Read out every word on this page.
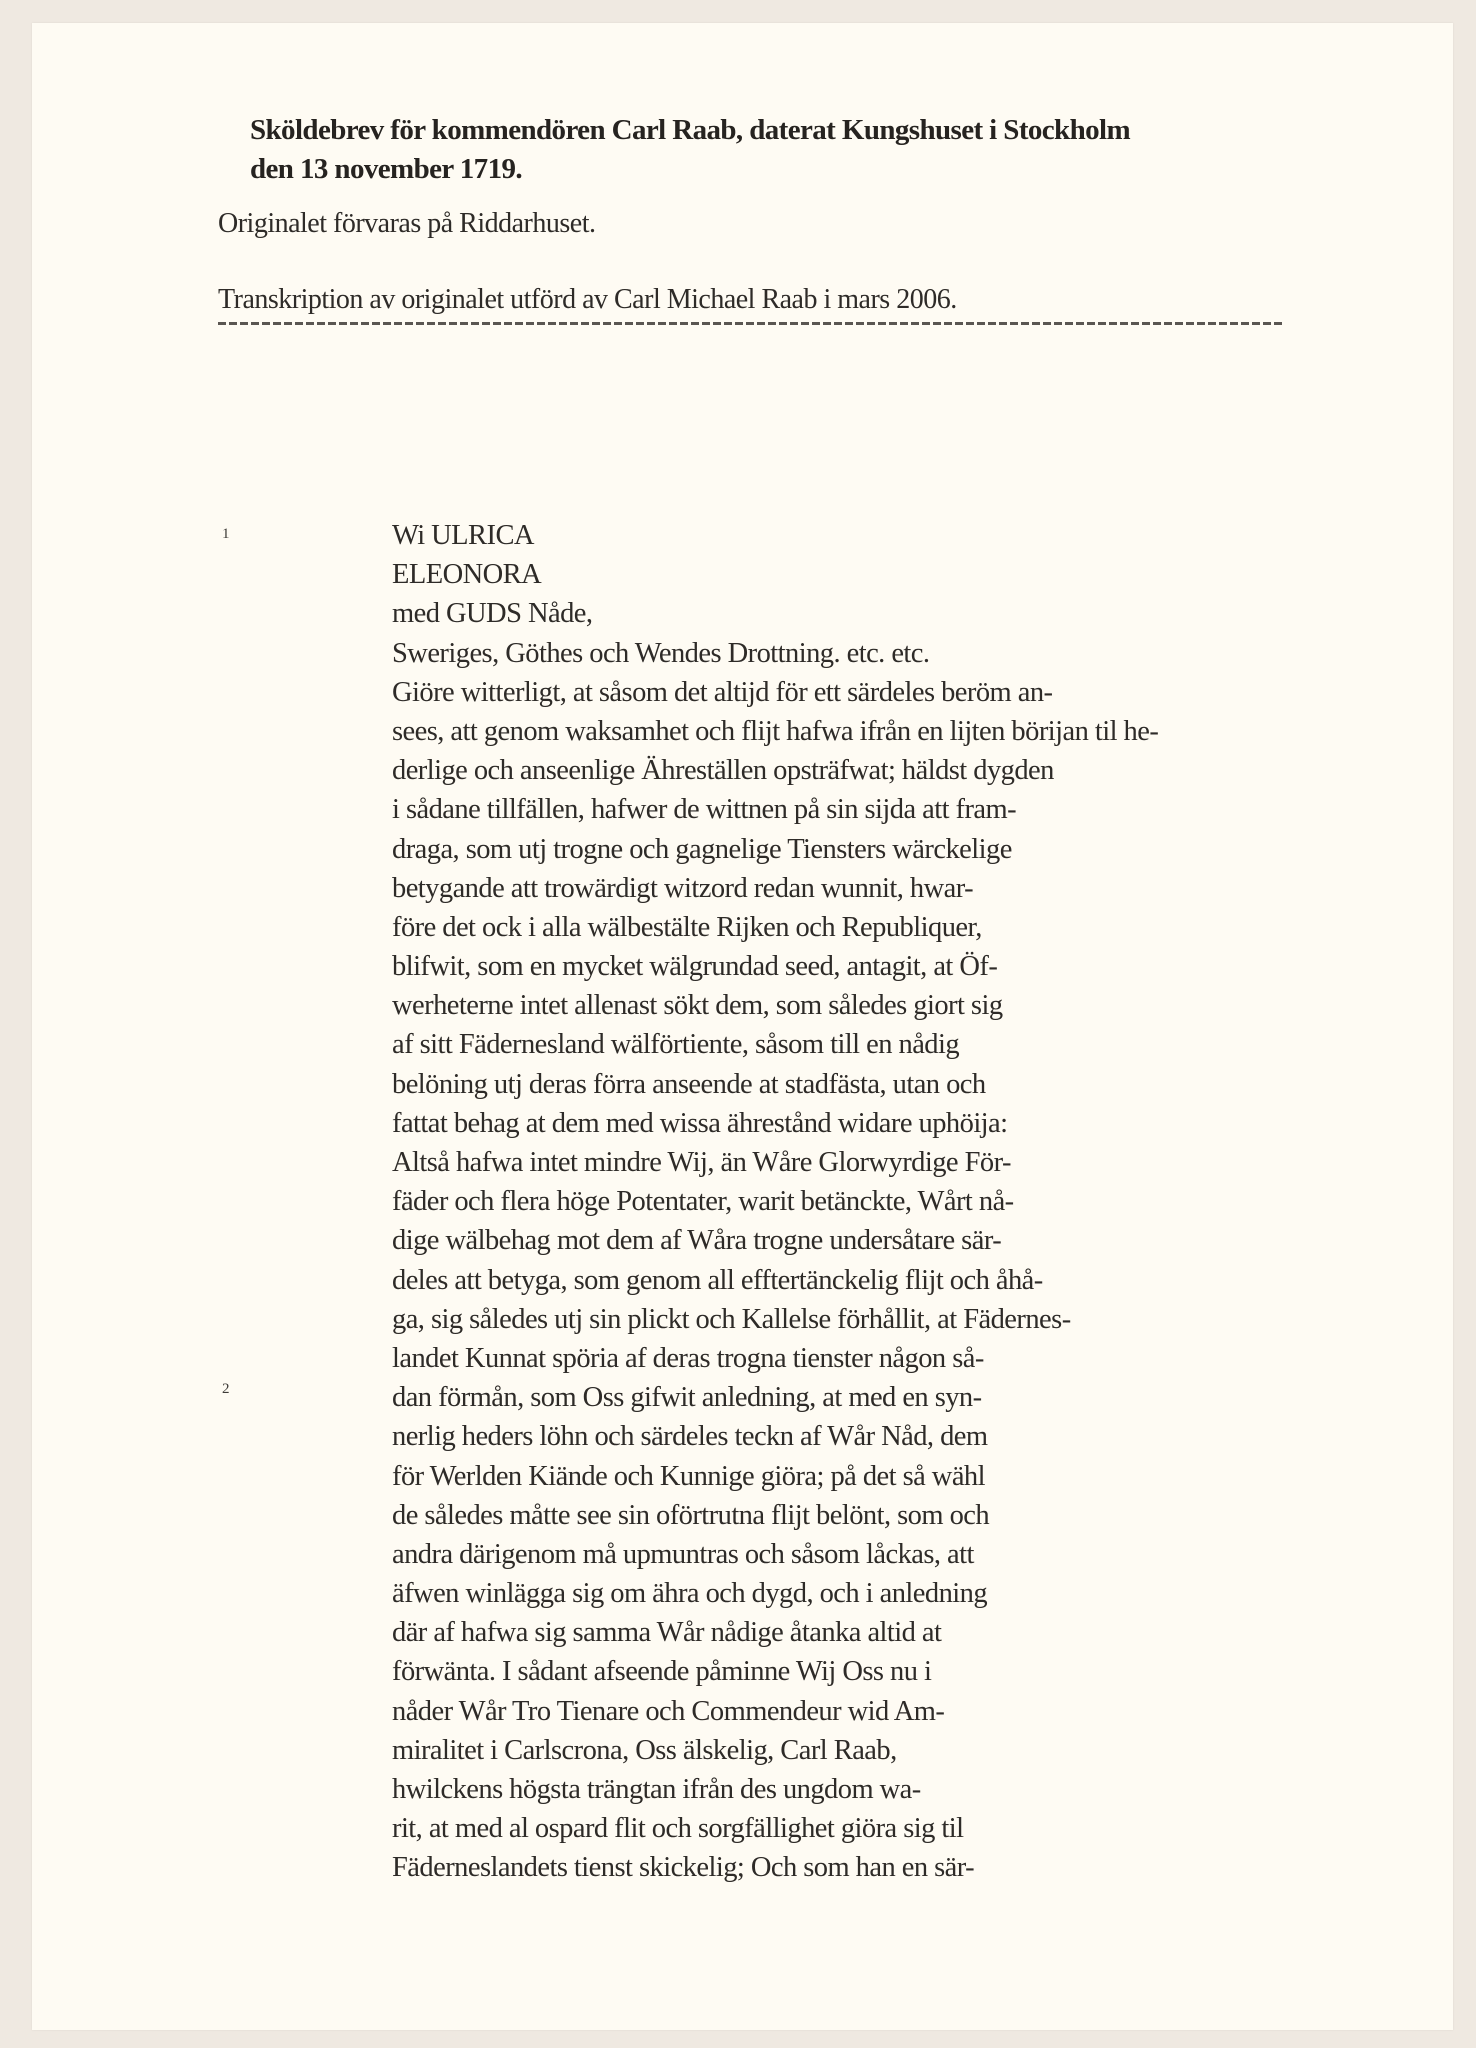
Sköldebrev för kommendören Carl Raab, daterat Kungshuset i Stockholm
den 13 november 1719.

Originalet förvaras på Riddarhuset.

Transkription av originalet utförd av Carl Michael Raab i mars 2006.

1
2
Wi ULRICA
ELEONORA
med GUDS Nåde,
Sweriges, Göthes och Wendes Drottning. etc. etc.
Giöre witterligt, at såsom det altijd för ett särdeles beröm an-
sees, att genom waksamhet och flijt hafwa ifrån en lijten börijan til he-
derlige och anseenlige Ähreställen opsträfwat; häldst dygden
i sådane tillfällen, hafwer de wittnen på sin sijda att fram-
draga, som utj trogne och gagnelige Tiensters wärckelige
betygande att trowärdigt witzord redan wunnit, hwar-
före det ock i alla wälbestälte Rijken och Republiquer,
blifwit, som en mycket wälgrundad seed, antagit, at Öf-
werheterne intet allenast sökt dem, som således giort sig
af sitt Fädernesland wälförtiente, såsom till en nådig
belöning utj deras förra anseende at stadfästa, utan och
fattat behag at dem med wissa ährestånd widare uphöija:
Altså hafwa intet mindre Wij, än Wåre Glorwyrdige För-
fäder och flera höge Potentater, warit betänckte, Wårt nå-
dige wälbehag mot dem af Wåra trogne undersåtare sär-
deles att betyga, som genom all efftertänckelig flijt och åhå-
ga, sig således utj sin plickt och Kallelse förhållit, at Fädernes-
landet Kunnat spöria af deras trogna tienster någon så-
dan förmån, som Oss gifwit anledning, at med en syn-
nerlig heders löhn och särdeles teckn af Wår Nåd, dem
för Werlden Kiände och Kunnige giöra; på det så wähl
de således måtte see sin oförtrutna flijt belönt, som och
andra därigenom må upmuntras och såsom låckas, att
äfwen winlägga sig om ähra och dygd, och i anledning
där af hafwa sig samma Wår nådige åtanka altid at
förwänta. I sådant afseende påminne Wij Oss nu i
nåder Wår Tro Tienare och Commendeur wid Am-
miralitet i Carlscrona, Oss älskelig, Carl Raab,
hwilckens högsta trängtan ifrån des ungdom wa-
rit, at med al ospard flit och sorgfällighet giöra sig til
Fäderneslandets tienst skickelig; Och som han en sär-
